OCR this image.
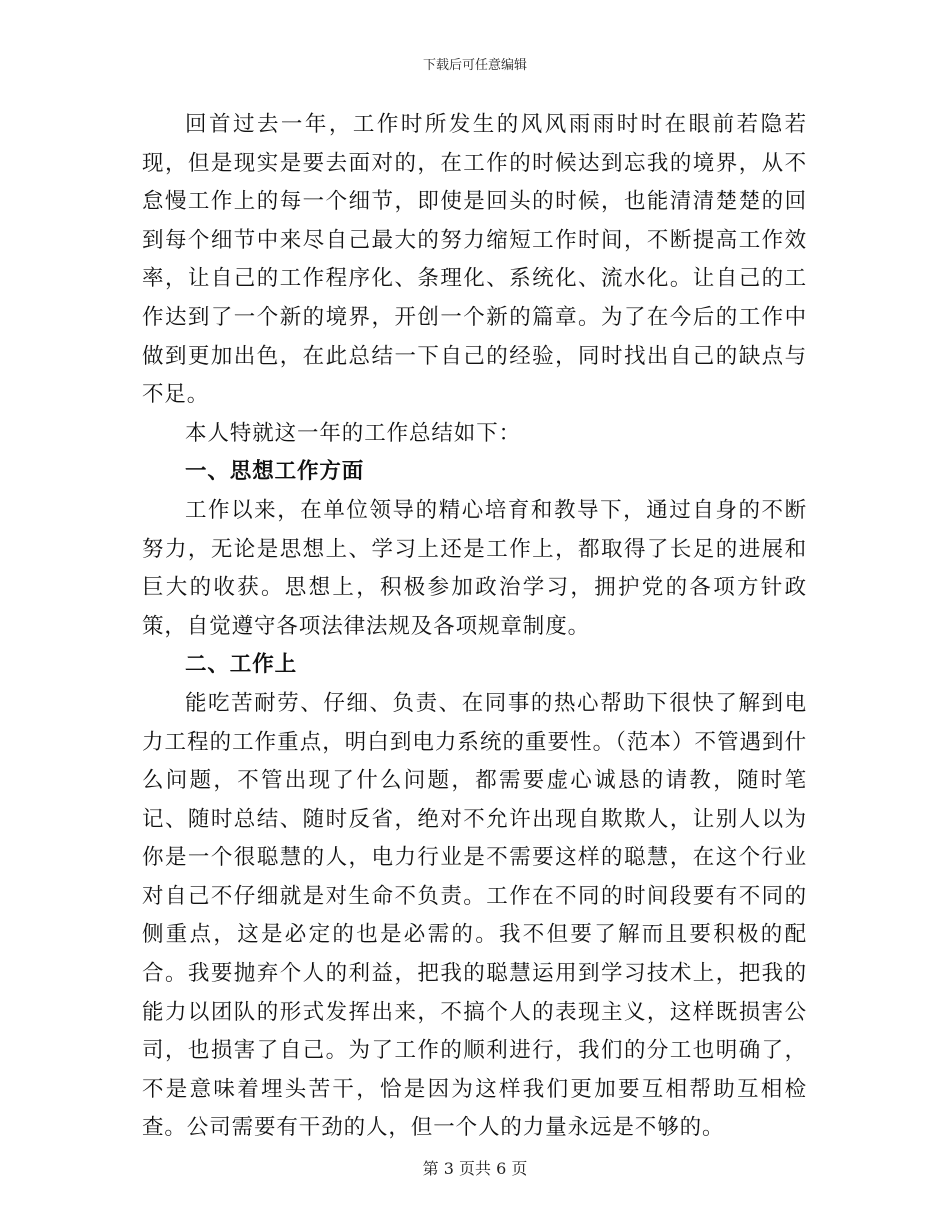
下载后可任意编辑

回首过去一年，工作时所发生的风风雨雨时时在眼前若隐若现，但是现实是要去面对的，在工作的时候达到忘我的境界，从不怠慢工作上的每一个细节，即使是回头的时候，也能清清楚楚的回到每个细节中来尽自己最大的努力缩短工作时间，不断提高工作效率，让自己的工作程序化、条理化、系统化、流水化。让自己的工作达到了一个新的境界，开创一个新的篇章。为了在今后的工作中做到更加出色，在此总结一下自己的经验，同时找出自己的缺点与不足。

本人特就这一年的工作总结如下：

一、思想工作方面

工作以来，在单位领导的精心培育和教导下，通过自身的不断努力，无论是思想上、学习上还是工作上，都取得了长足的进展和巨大的收获。思想上，积极参加政治学习，拥护党的各项方针政策，自觉遵守各项法律法规及各项规章制度。

二、工作上

能吃苦耐劳、仔细、负责、在同事的热心帮助下很快了解到电力工程的工作重点，明白到电力系统的重要性。（范本）不管遇到什么问题，不管出现了什么问题，都需要虚心诚恳的请教，随时笔记、随时总结、随时反省，绝对不允许出现自欺欺人，让别人以为你是一个很聪慧的人，电力行业是不需要这样的聪慧，在这个行业对自己不仔细就是对生命不负责。工作在不同的时间段要有不同的侧重点，这是必定的也是必需的。我不但要了解而且要积极的配合。我要抛弃个人的利益，把我的聪慧运用到学习技术上，把我的能力以团队的形式发挥出来，不搞个人的表现主义，这样既损害公司，也损害了自己。为了工作的顺利进行，我们的分工也明确了，不是意味着埋头苦干，恰是因为这样我们更加要互相帮助互相检查。公司需要有干劲的人，但一个人的力量永远是不够的。

第 3 页共 6 页
